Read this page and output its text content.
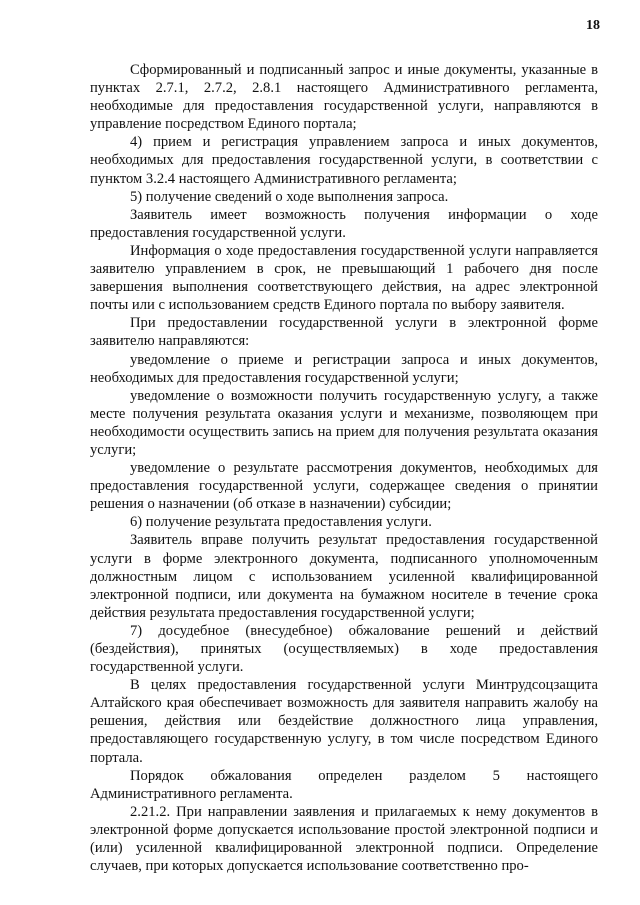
18

Сформированный и подписанный запрос и иные документы, указанные в пунктах 2.7.1, 2.7.2, 2.8.1 настоящего Административного регламента, необходимые для предоставления государственной услуги, направляются в управление посредством Единого портала;

4) прием и регистрация управлением запроса и иных документов, необходимых для предоставления государственной услуги, в соответствии с пунктом 3.2.4 настоящего Административного регламента;

5) получение сведений о ходе выполнения запроса.

Заявитель имеет возможность получения информации о ходе предоставления государственной услуги.

Информация о ходе предоставления государственной услуги направляется заявителю управлением в срок, не превышающий 1 рабочего дня после завершения выполнения соответствующего действия, на адрес электронной почты или с использованием средств Единого портала по выбору заявителя.

При предоставлении государственной услуги в электронной форме заявителю направляются:

уведомление о приеме и регистрации запроса и иных документов, необходимых для предоставления государственной услуги;

уведомление о возможности получить государственную услугу, а также месте получения результата оказания услуги и механизме, позволяющем при необходимости осуществить запись на прием для получения результата оказания услуги;

уведомление о результате рассмотрения документов, необходимых для предоставления государственной услуги, содержащее сведения о принятии решения о назначении (об отказе в назначении) субсидии;

6) получение результата предоставления услуги.

Заявитель вправе получить результат предоставления государственной услуги в форме электронного документа, подписанного уполномоченным должностным лицом с использованием усиленной квалифицированной электронной подписи, или документа на бумажном носителе в течение срока действия результата предоставления государственной услуги;

7) досудебное (внесудебное) обжалование решений и действий (бездействия), принятых (осуществляемых) в ходе предоставления государственной услуги.

В целях предоставления государственной услуги Минтрудсоцзащита Алтайского края обеспечивает возможность для заявителя направить жалобу на решения, действия или бездействие должностного лица управления, предоставляющего государственную услугу, в том числе посредством Единого портала.

Порядок обжалования определен разделом 5 настоящего Административного регламента.

2.21.2. При направлении заявления и прилагаемых к нему документов в электронной форме допускается использование простой электронной подписи и (или) усиленной квалифицированной электронной подписи. Определение случаев, при которых допускается использование соответственно про-
